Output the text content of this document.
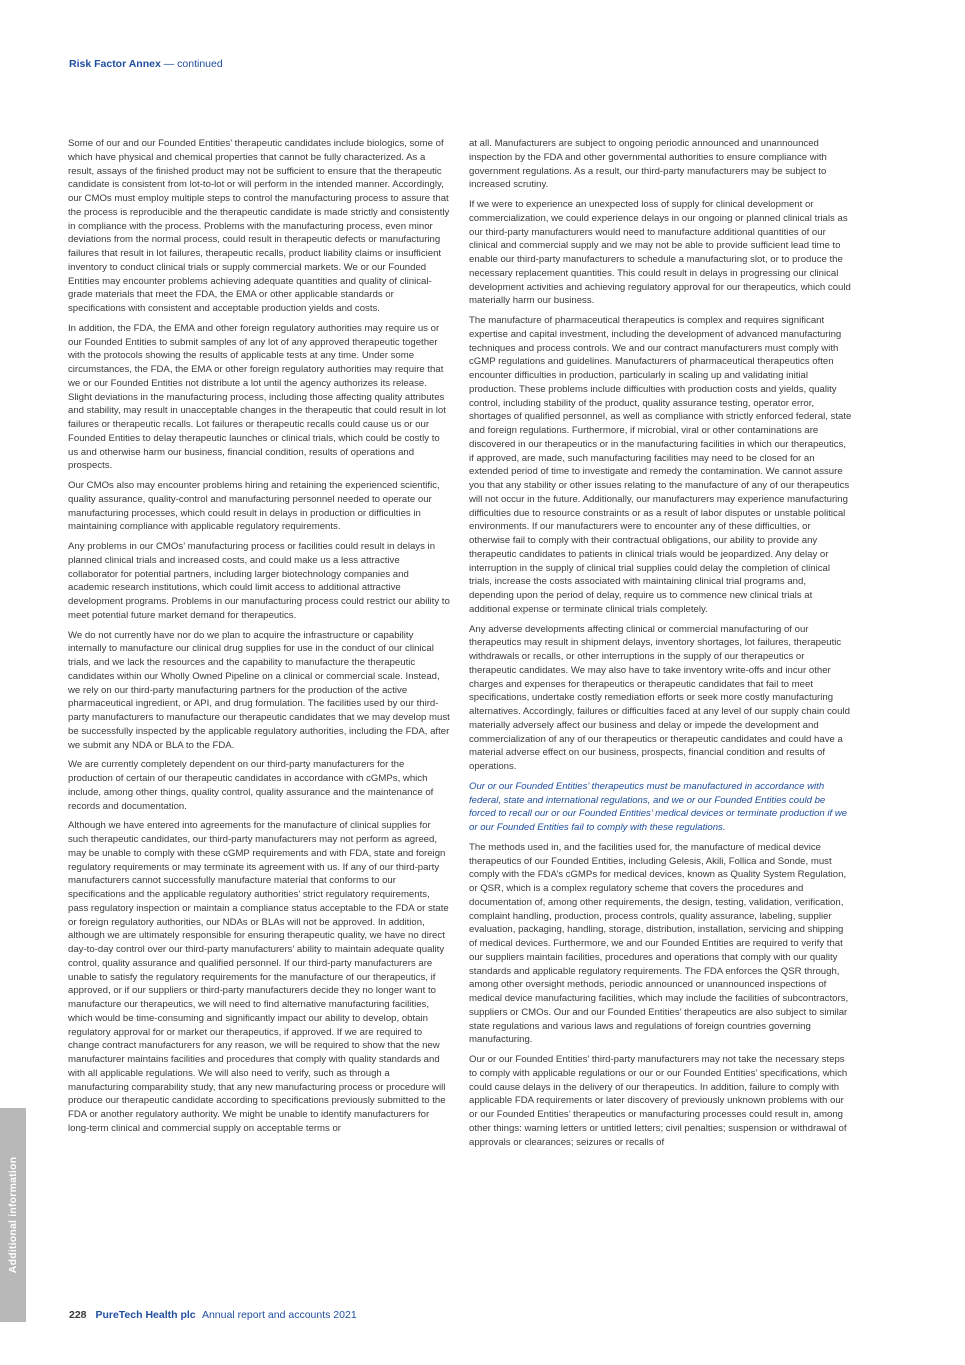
Risk Factor Annex — continued

Some of our and our Founded Entities’ therapeutic candidates include biologics, some of which have physical and chemical properties that cannot be fully characterized. As a result, assays of the finished product may not be sufficient to ensure that the therapeutic candidate is consistent from lot-to-lot or will perform in the intended manner. Accordingly, our CMOs must employ multiple steps to control the manufacturing process to assure that the process is reproducible and the therapeutic candidate is made strictly and consistently in compliance with the process. Problems with the manufacturing process, even minor deviations from the normal process, could result in therapeutic defects or manufacturing failures that result in lot failures, therapeutic recalls, product liability claims or insufficient inventory to conduct clinical trials or supply commercial markets. We or our Founded Entities may encounter problems achieving adequate quantities and quality of clinical-grade materials that meet the FDA, the EMA or other applicable standards or specifications with consistent and acceptable production yields and costs.

In addition, the FDA, the EMA and other foreign regulatory authorities may require us or our Founded Entities to submit samples of any lot of any approved therapeutic together with the protocols showing the results of applicable tests at any time. Under some circumstances, the FDA, the EMA or other foreign regulatory authorities may require that we or our Founded Entities not distribute a lot until the agency authorizes its release. Slight deviations in the manufacturing process, including those affecting quality attributes and stability, may result in unacceptable changes in the therapeutic that could result in lot failures or therapeutic recalls. Lot failures or therapeutic recalls could cause us or our Founded Entities to delay therapeutic launches or clinical trials, which could be costly to us and otherwise harm our business, financial condition, results of operations and prospects.

Our CMOs also may encounter problems hiring and retaining the experienced scientific, quality assurance, quality-control and manufacturing personnel needed to operate our manufacturing processes, which could result in delays in production or difficulties in maintaining compliance with applicable regulatory requirements.

Any problems in our CMOs’ manufacturing process or facilities could result in delays in planned clinical trials and increased costs, and could make us a less attractive collaborator for potential partners, including larger biotechnology companies and academic research institutions, which could limit access to additional attractive development programs. Problems in our manufacturing process could restrict our ability to meet potential future market demand for therapeutics.

We do not currently have nor do we plan to acquire the infrastructure or capability internally to manufacture our clinical drug supplies for use in the conduct of our clinical trials, and we lack the resources and the capability to manufacture the therapeutic candidates within our Wholly Owned Pipeline on a clinical or commercial scale. Instead, we rely on our third-party manufacturing partners for the production of the active pharmaceutical ingredient, or API, and drug formulation. The facilities used by our third-party manufacturers to manufacture our therapeutic candidates that we may develop must be successfully inspected by the applicable regulatory authorities, including the FDA, after we submit any NDA or BLA to the FDA.

We are currently completely dependent on our third-party manufacturers for the production of certain of our therapeutic candidates in accordance with cGMPs, which include, among other things, quality control, quality assurance and the maintenance of records and documentation.

Although we have entered into agreements for the manufacture of clinical supplies for such therapeutic candidates, our third-party manufacturers may not perform as agreed, may be unable to comply with these cGMP requirements and with FDA, state and foreign regulatory requirements or may terminate its agreement with us. If any of our third-party manufacturers cannot successfully manufacture material that conforms to our specifications and the applicable regulatory authorities’ strict regulatory requirements, pass regulatory inspection or maintain a compliance status acceptable to the FDA or state or foreign regulatory authorities, our NDAs or BLAs will not be approved. In addition, although we are ultimately responsible for ensuring therapeutic quality, we have no direct day-to-day control over our third-party manufacturers’ ability to maintain adequate quality control, quality assurance and qualified personnel. If our third-party manufacturers are unable to satisfy the regulatory requirements for the manufacture of our therapeutics, if approved, or if our suppliers or third-party manufacturers decide they no longer want to manufacture our therapeutics, we will need to find alternative manufacturing facilities, which would be time-consuming and significantly impact our ability to develop, obtain regulatory approval for or market our therapeutics, if approved. If we are required to change contract manufacturers for any reason, we will be required to show that the new manufacturer maintains facilities and procedures that comply with quality standards and with all applicable regulations. We will also need to verify, such as through a manufacturing comparability study, that any new manufacturing process or procedure will produce our therapeutic candidate according to specifications previously submitted to the FDA or another regulatory authority. We might be unable to identify manufacturers for long-term clinical and commercial supply on acceptable terms or

at all. Manufacturers are subject to ongoing periodic announced and unannounced inspection by the FDA and other governmental authorities to ensure compliance with government regulations. As a result, our third-party manufacturers may be subject to increased scrutiny.

If we were to experience an unexpected loss of supply for clinical development or commercialization, we could experience delays in our ongoing or planned clinical trials as our third-party manufacturers would need to manufacture additional quantities of our clinical and commercial supply and we may not be able to provide sufficient lead time to enable our third-party manufacturers to schedule a manufacturing slot, or to produce the necessary replacement quantities. This could result in delays in progressing our clinical development activities and achieving regulatory approval for our therapeutics, which could materially harm our business.

The manufacture of pharmaceutical therapeutics is complex and requires significant expertise and capital investment, including the development of advanced manufacturing techniques and process controls. We and our contract manufacturers must comply with cGMP regulations and guidelines. Manufacturers of pharmaceutical therapeutics often encounter difficulties in production, particularly in scaling up and validating initial production. These problems include difficulties with production costs and yields, quality control, including stability of the product, quality assurance testing, operator error, shortages of qualified personnel, as well as compliance with strictly enforced federal, state and foreign regulations. Furthermore, if microbial, viral or other contaminations are discovered in our therapeutics or in the manufacturing facilities in which our therapeutics, if approved, are made, such manufacturing facilities may need to be closed for an extended period of time to investigate and remedy the contamination. We cannot assure you that any stability or other issues relating to the manufacture of any of our therapeutics will not occur in the future. Additionally, our manufacturers may experience manufacturing difficulties due to resource constraints or as a result of labor disputes or unstable political environments. If our manufacturers were to encounter any of these difficulties, or otherwise fail to comply with their contractual obligations, our ability to provide any therapeutic candidates to patients in clinical trials would be jeopardized. Any delay or interruption in the supply of clinical trial supplies could delay the completion of clinical trials, increase the costs associated with maintaining clinical trial programs and, depending upon the period of delay, require us to commence new clinical trials at additional expense or terminate clinical trials completely.

Any adverse developments affecting clinical or commercial manufacturing of our therapeutics may result in shipment delays, inventory shortages, lot failures, therapeutic withdrawals or recalls, or other interruptions in the supply of our therapeutics or therapeutic candidates. We may also have to take inventory write-offs and incur other charges and expenses for therapeutics or therapeutic candidates that fail to meet specifications, undertake costly remediation efforts or seek more costly manufacturing alternatives. Accordingly, failures or difficulties faced at any level of our supply chain could materially adversely affect our business and delay or impede the development and commercialization of any of our therapeutics or therapeutic candidates and could have a material adverse effect on our business, prospects, financial condition and results of operations.

Our or our Founded Entities’ therapeutics must be manufactured in accordance with federal, state and international regulations, and we or our Founded Entities could be forced to recall our or our Founded Entities’ medical devices or terminate production if we or our Founded Entities fail to comply with these regulations.

The methods used in, and the facilities used for, the manufacture of medical device therapeutics of our Founded Entities, including Gelesis, Akili, Follica and Sonde, must comply with the FDA’s cGMPs for medical devices, known as Quality System Regulation, or QSR, which is a complex regulatory scheme that covers the procedures and documentation of, among other requirements, the design, testing, validation, verification, complaint handling, production, process controls, quality assurance, labeling, supplier evaluation, packaging, handling, storage, distribution, installation, servicing and shipping of medical devices. Furthermore, we and our Founded Entities are required to verify that our suppliers maintain facilities, procedures and operations that comply with our quality standards and applicable regulatory requirements. The FDA enforces the QSR through, among other oversight methods, periodic announced or unannounced inspections of medical device manufacturing facilities, which may include the facilities of subcontractors, suppliers or CMOs. Our and our Founded Entities’ therapeutics are also subject to similar state regulations and various laws and regulations of foreign countries governing manufacturing.

Our or our Founded Entities’ third-party manufacturers may not take the necessary steps to comply with applicable regulations or our or our Founded Entities’ specifications, which could cause delays in the delivery of our therapeutics. In addition, failure to comply with applicable FDA requirements or later discovery of previously unknown problems with our or our Founded Entities’ therapeutics or manufacturing processes could result in, among other things: warning letters or untitled letters; civil penalties; suspension or withdrawal of approvals or clearances; seizures or recalls of

Additional information
228 PureTech Health plc Annual report and accounts 2021
